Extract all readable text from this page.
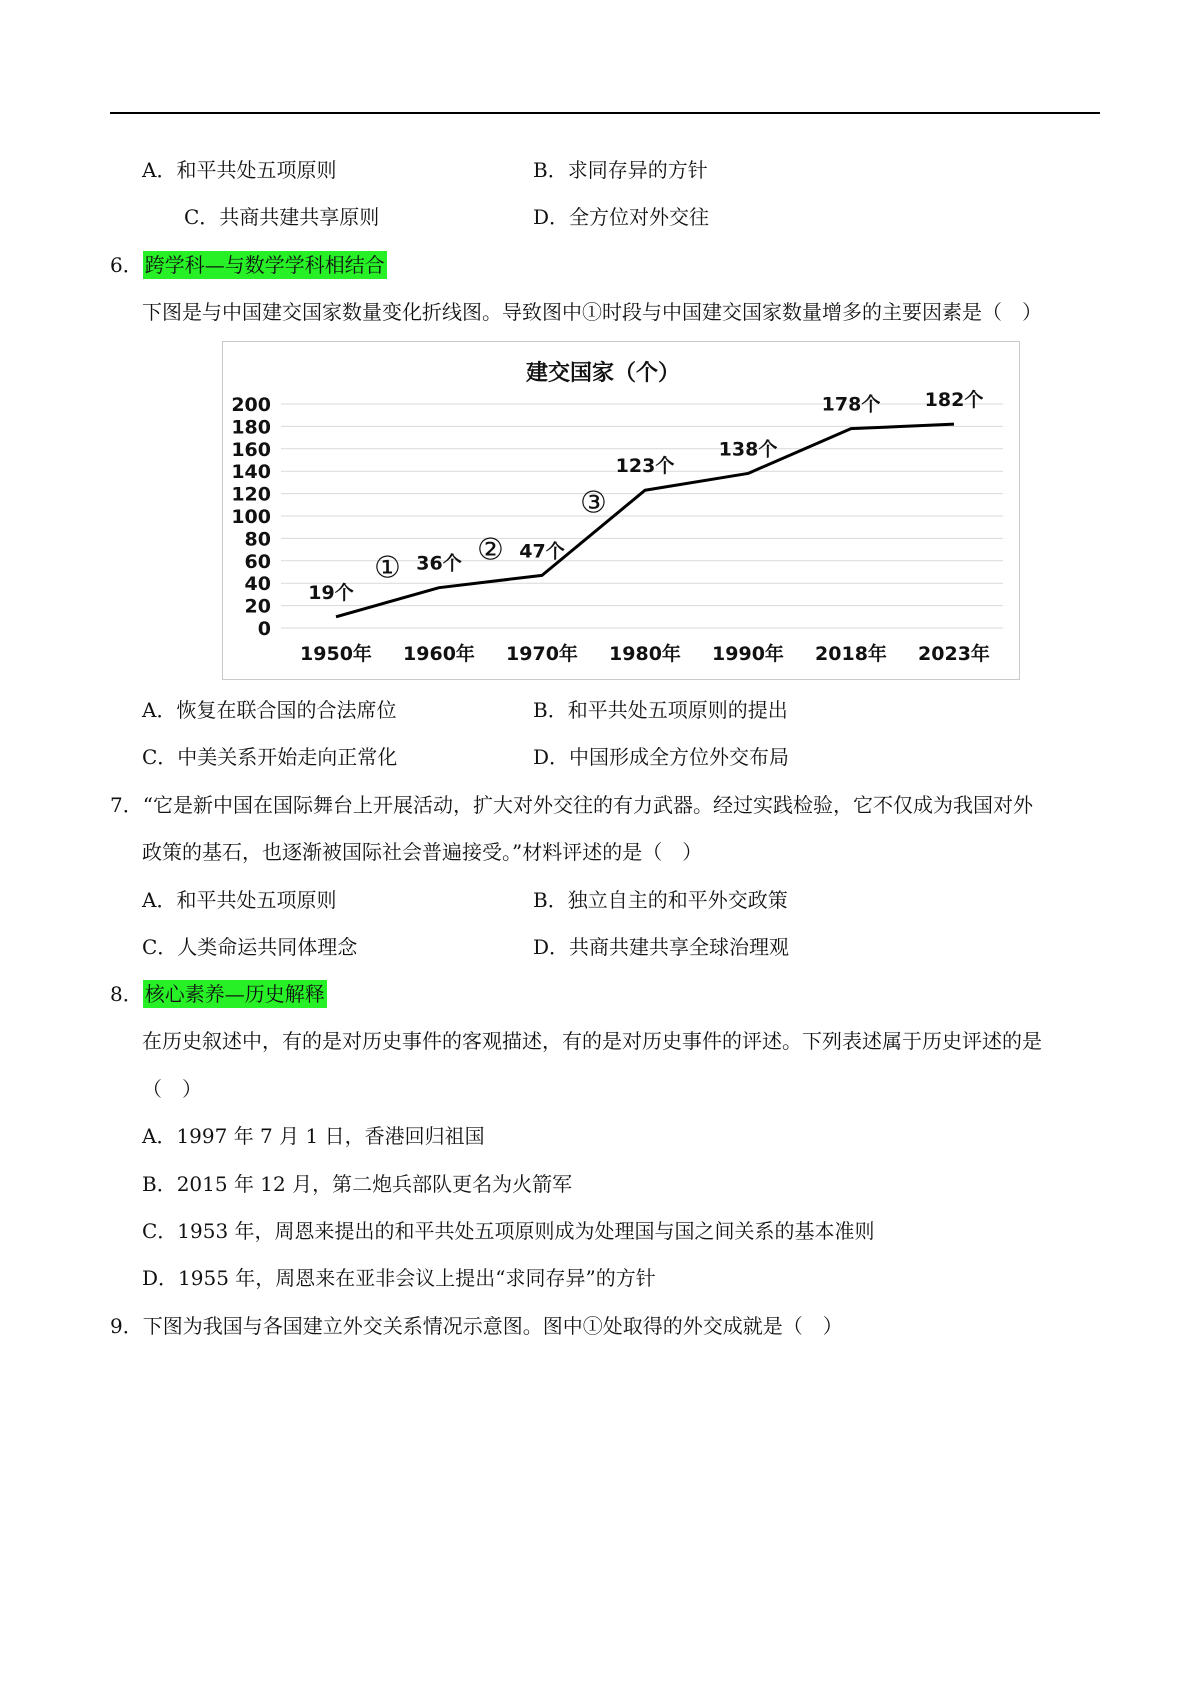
A．和平共处五项原则	B．求同存异的方针
C．共商共建共享原则	D．全方位对外交往
6． 跨学科—与数学学科相结合
下图是与中国建交国家数量变化折线图。导致图中①时段与中国建交国家数量增多的主要因素是（　）
建交国家（个）
0
20
40
60
80
100
120
140
160
180
200
1950年 1960年 1970年 1980年 1990年 2018年 2023年
19个
36个
47个
123个
138个
178个 182个
①
②
③
A．恢复在联合国的合法席位	B．和平共处五项原则的提出
C．中美关系开始走向正常化	D．中国形成全方位外交布局
7．“它是新中国在国际舞台上开展活动，扩大对外交往的有力武器。经过实践检验，它不仅成为我国对外
政策的基石，也逐渐被国际社会普遍接受。”材料评述的是（　）
A．和平共处五项原则	B．独立自主的和平外交政策
C．人类命运共同体理念	D．共商共建共享全球治理观
8． 核心素养—历史解释
在历史叙述中，有的是对历史事件的客观描述，有的是对历史事件的评述。下列表述属于历史评述的是
（　）
A．1997 年 7 月 1 日，香港回归祖国
B．2015 年 12 月，第二炮兵部队更名为火箭军
C．1953 年，周恩来提出的和平共处五项原则成为处理国与国之间关系的基本准则
D．1955 年，周恩来在亚非会议上提出“求同存异”的方针
9．下图为我国与各国建立外交关系情况示意图。图中①处取得的外交成就是（　）
